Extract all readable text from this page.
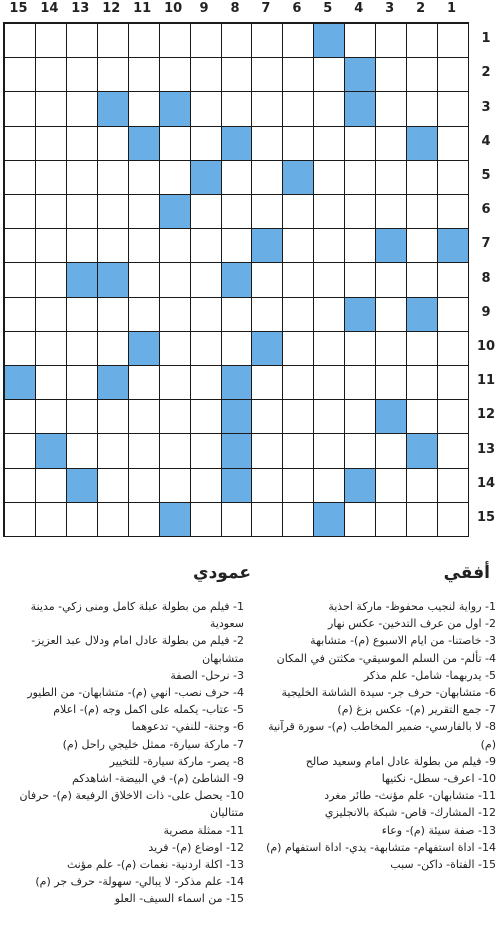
15 14 13 12 11 10	9	8	7	6	5	4	3	2	1
1
2
3
4
5
6
7
8
9
10
11
12
13
14
15
أفقي
عمودي
1- رواية لنجيب محفوظ- ماركة احذية
2- اول من عرف التدخين- عكس نهار
3- خاصتنا- من ايام الاسبوع (م)- متشابهة
4- تألم- من السلم الموسيقي- مكثتن في المكان
5- يدربهما- شامل- علم مذكر
6- متشابهان- حرف جر- سيدة الشاشة الخليجية
7- جمع التقرير (م)- عكس بزغ (م)
8- لا بالفارسي- ضمير المخاطب (م)- سورة قرآنية (م)
9- فيلم من بطولة عادل امام وسعيد صالح
10- اعرف- سطل- نكتيها
11- متشابهان- علم مؤنث- طائر مغرد
12- المشارك- قاص- شبكة بالانجليزي
13- صفة سيئة (م)- وعاء
14- اداة استفهام- متشابهة- يدي- اداة استفهام (م)
15- الفتاة- داكن- سبب
1- فيلم من بطولة عبلة كامل ومنى زكي- مدينة سعودية
2- فيلم من بطولة عادل امام ودلال عبد العزيز- متشابهان
3- نرحل- الصفة
4- حرف نصب- انهي (م)- متشابهان- من الطيور
5- عتاب- يكمله على اكمل وجه (م)- اعلام
6- وجنة- للنفي- تدعوهما
7- ماركة سيارة- ممثل خليجي راحل (م)
8- يصر- ماركة سيارة- للتخيير
9- الشاطئ (م)- في البيضة- اشاهدكم
10- يحصل على- ذات الاخلاق الرفيعة (م)- حرفان متتاليان
11- ممثلة مصرية
12- اوضاع (م)- فريد
13- اكلة اردنية- نغمات (م)- علم مؤنث
14- علم مذكر- لا يبالي- سهولة- حرف جر (م)
15- من اسماء السيف- العلو
